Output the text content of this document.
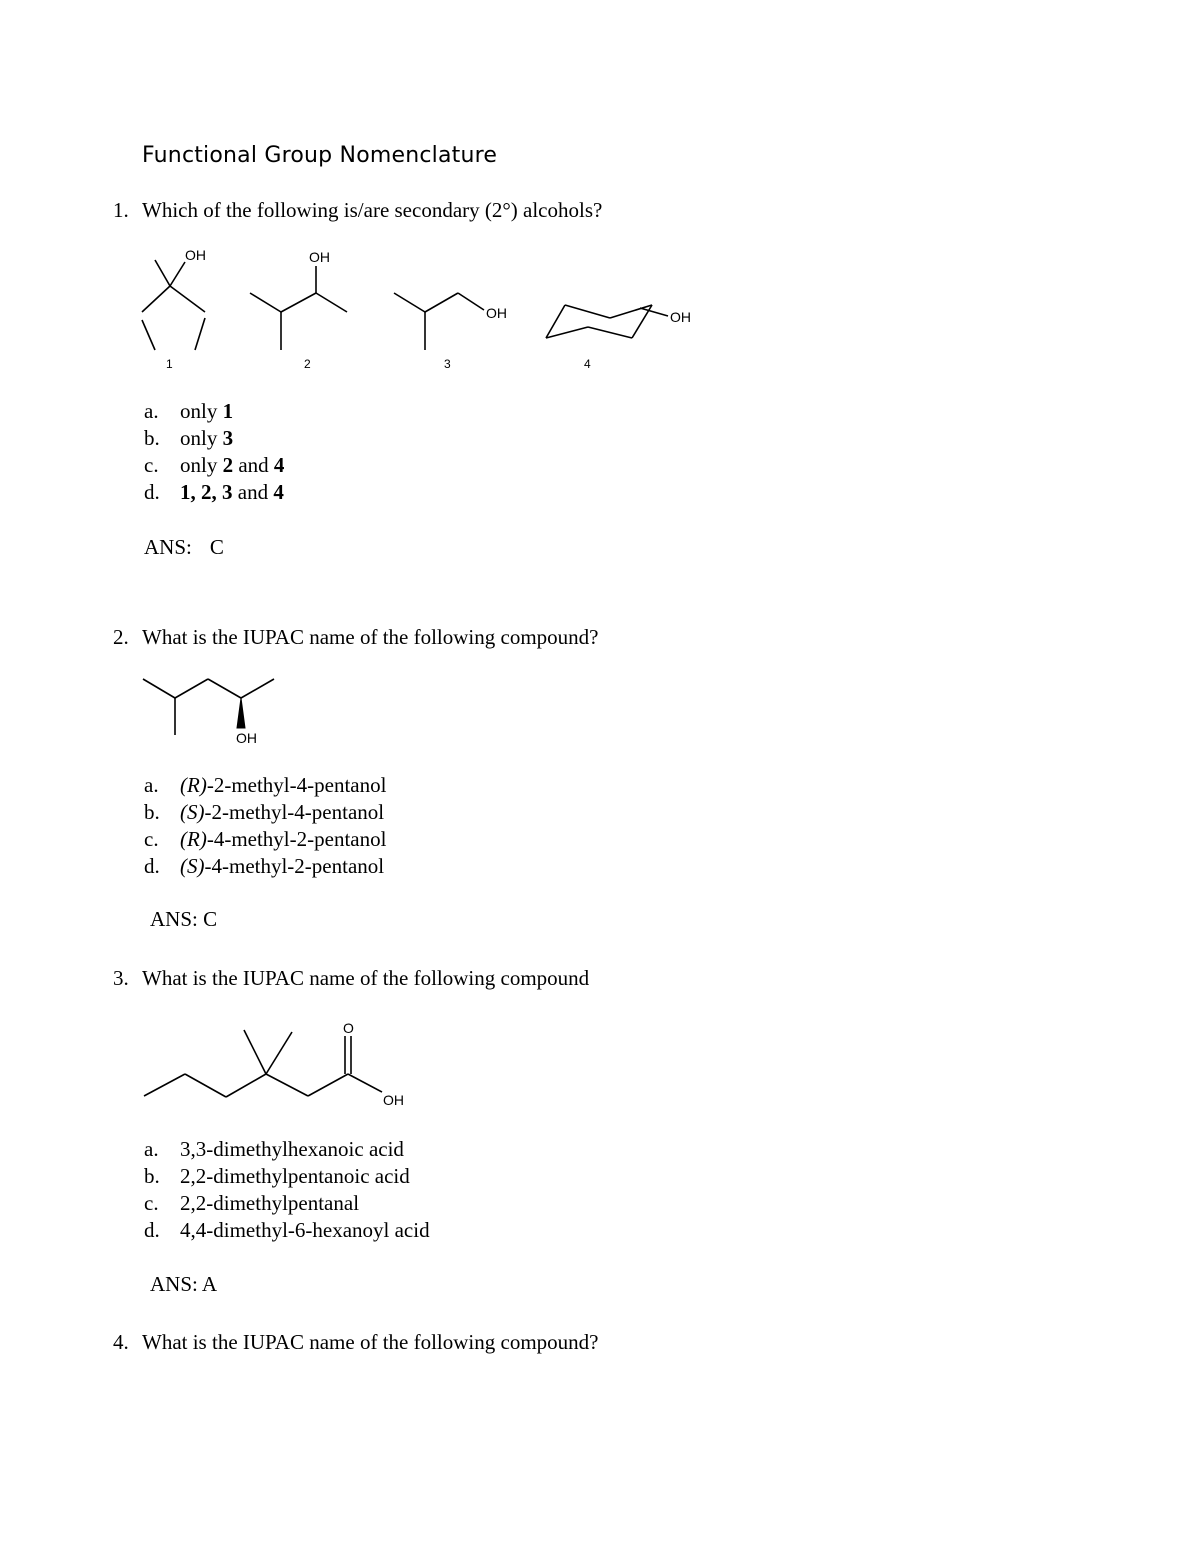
Functional Group Nomenclature
1. Which of the following is/are secondary (2°) alcohols?
OH
1
OH
2
OH
3
OH
4
a. only 1
b. only 3
c. only 2 and 4
d. 1, 2, 3 and 4
ANS: C
2. What is the IUPAC name of the following compound?
OH
a. (R)-2-methyl-4-pentanol
b. (S)-2-methyl-4-pentanol
c. (R)-4-methyl-2-pentanol
d. (S)-4-methyl-2-pentanol
ANS: C
3. What is the IUPAC name of the following compound
O
OH
a. 3,3-dimethylhexanoic acid
b. 2,2-dimethylpentanoic acid
c. 2,2-dimethylpentanal
d. 4,4-dimethyl-6-hexanoyl acid
ANS: A
4. What is the IUPAC name of the following compound?
